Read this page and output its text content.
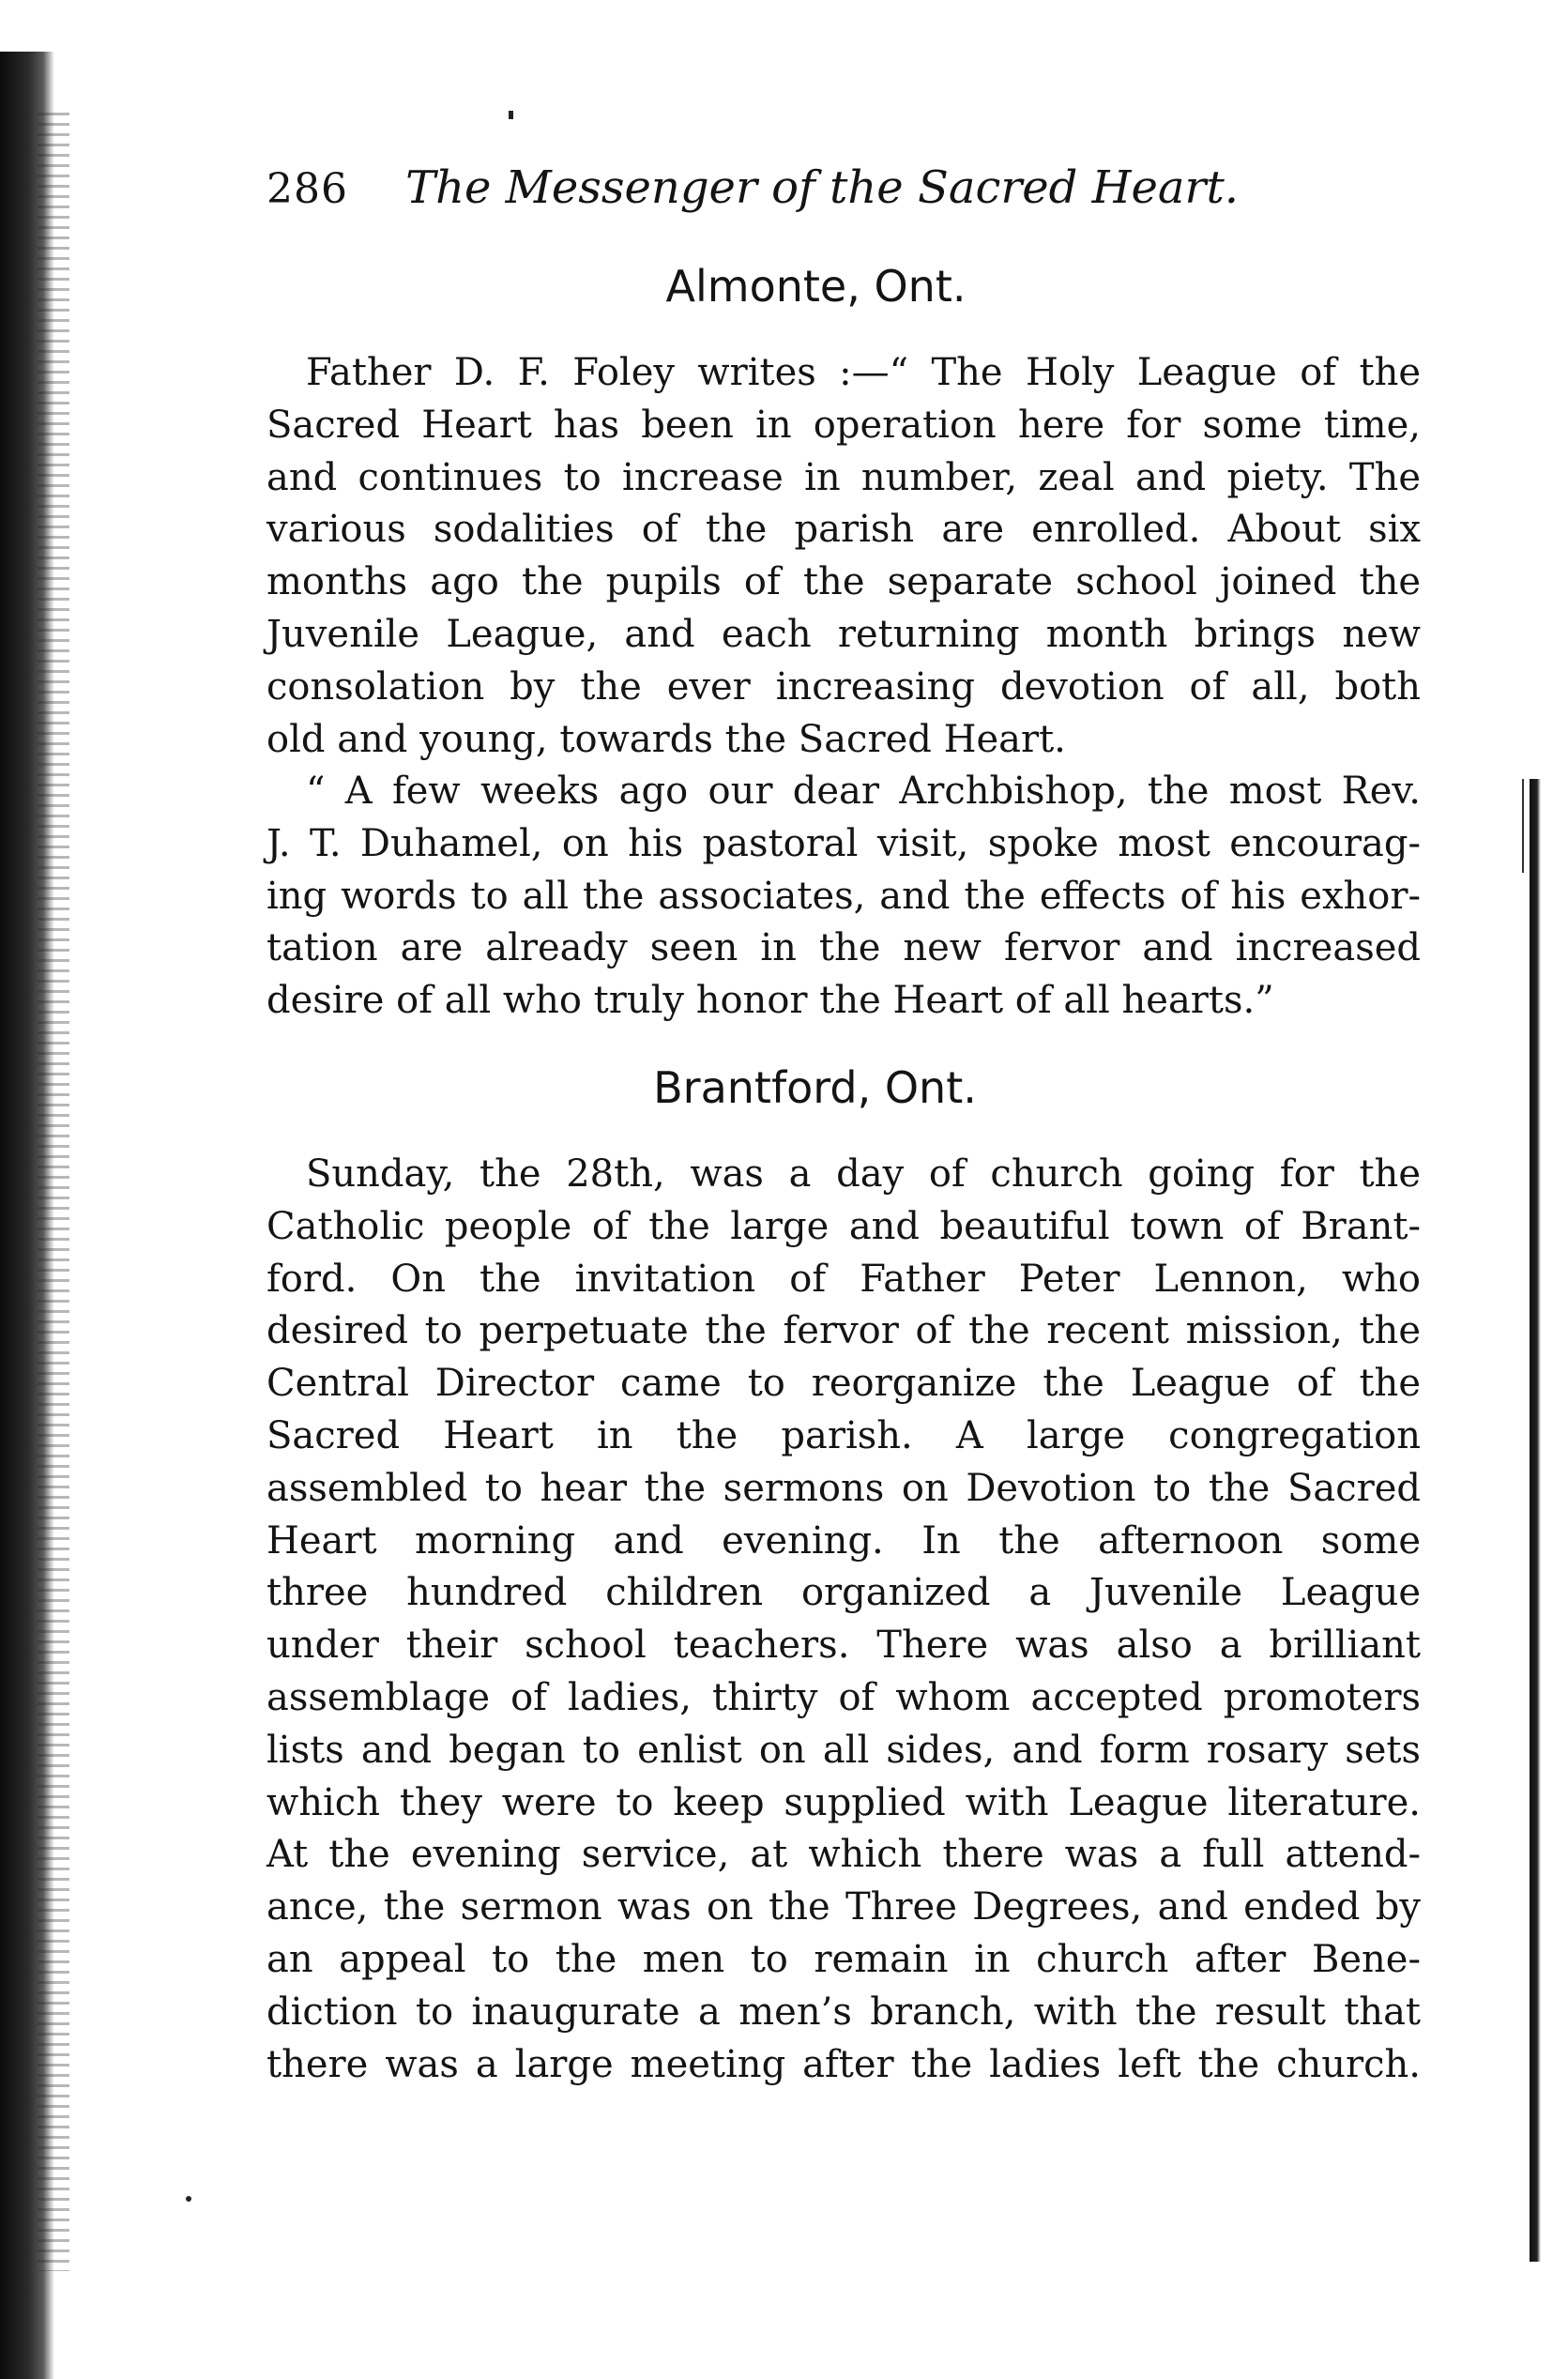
286 The Messenger of the Sacred Heart.
Almonte, Ont.
Father D. F. Foley writes :—“ The Holy League of the
Sacred Heart has been in operation here for some time,
and continues to increase in number, zeal and piety. The
various sodalities of the parish are enrolled. About six
months ago the pupils of the separate school joined the
Juvenile League, and each returning month brings new
consolation by the ever increasing devotion of all, both
old and young, towards the Sacred Heart.
“ A few weeks ago our dear Archbishop, the most Rev.
J. T. Duhamel, on his pastoral visit, spoke most encourag-
ing words to all the associates, and the effects of his exhor-
tation are already seen in the new fervor and increased
desire of all who truly honor the Heart of all hearts.”
Brantford, Ont.
Sunday, the 28th, was a day of church going for the
Catholic people of the large and beautiful town of Brant-
ford. On the invitation of Father Peter Lennon, who
desired to perpetuate the fervor of the recent mission, the
Central Director came to reorganize the League of the
Sacred Heart in the parish. A large congregation
assembled to hear the sermons on Devotion to the Sacred
Heart morning and evening. In the afternoon some
three hundred children organized a Juvenile League
under their school teachers. There was also a brilliant
assemblage of ladies, thirty of whom accepted promoters
lists and began to enlist on all sides, and form rosary sets
which they were to keep supplied with League literature.
At the evening service, at which there was a full attend-
ance, the sermon was on the Three Degrees, and ended by
an appeal to the men to remain in church after Bene-
diction to inaugurate a men’s branch, with the result that
there was a large meeting after the ladies left the church.
